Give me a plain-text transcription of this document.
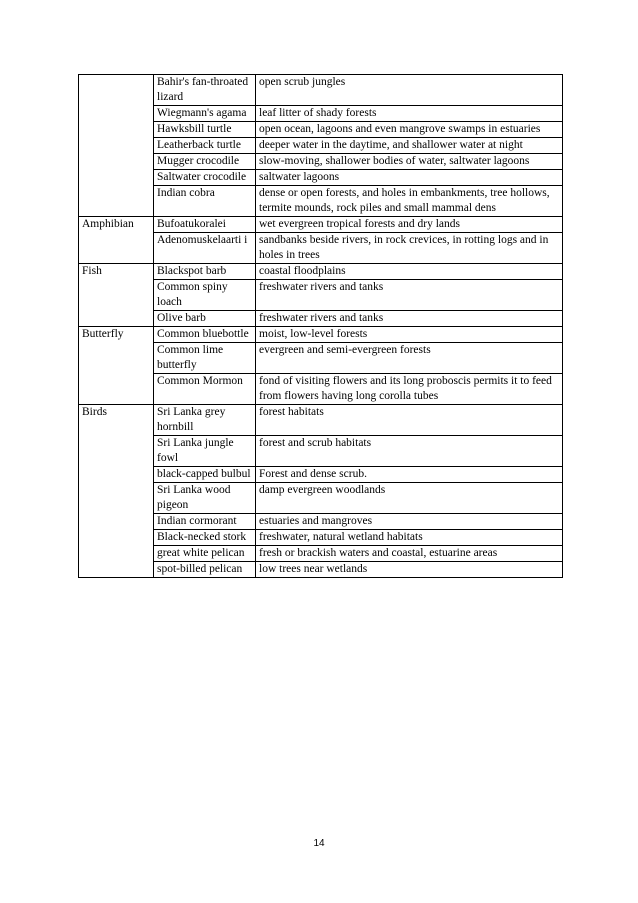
	Bahir's fan-throated lizard	open scrub jungles
	Wiegmann's agama	leaf litter of shady forests
	Hawksbill turtle	open ocean, lagoons and even mangrove swamps in estuaries
	Leatherback turtle	deeper water in the daytime, and shallower water at night
	Mugger crocodile	slow-moving, shallower bodies of water, saltwater lagoons
	Saltwater crocodile	saltwater lagoons
	Indian cobra	dense or open forests, and holes in embankments, tree hollows, termite mounds, rock piles and small mammal dens
Amphibian	Bufoatukoralei	wet evergreen tropical forests and dry lands
	Adenomuskelaarti i	sandbanks beside rivers, in rock crevices, in rotting logs and in holes in trees
Fish	Blackspot barb	coastal floodplains
	Common spiny loach	freshwater rivers and tanks
	Olive barb	freshwater rivers and tanks
Butterfly	Common bluebottle	moist, low-level forests
	Common lime butterfly	evergreen and semi-evergreen forests
	Common Mormon	fond of visiting flowers and its long proboscis permits it to feed from flowers having long corolla tubes
Birds	Sri Lanka grey hornbill	forest habitats
	Sri Lanka jungle fowl	forest and scrub habitats
	black-capped bulbul	Forest and dense scrub.
	Sri Lanka wood pigeon	damp evergreen woodlands
	Indian cormorant	estuaries and mangroves
	Black-necked stork	freshwater, natural wetland habitats
	great white pelican	fresh or brackish waters and coastal, estuarine areas
	spot-billed pelican	low trees near wetlands
14
